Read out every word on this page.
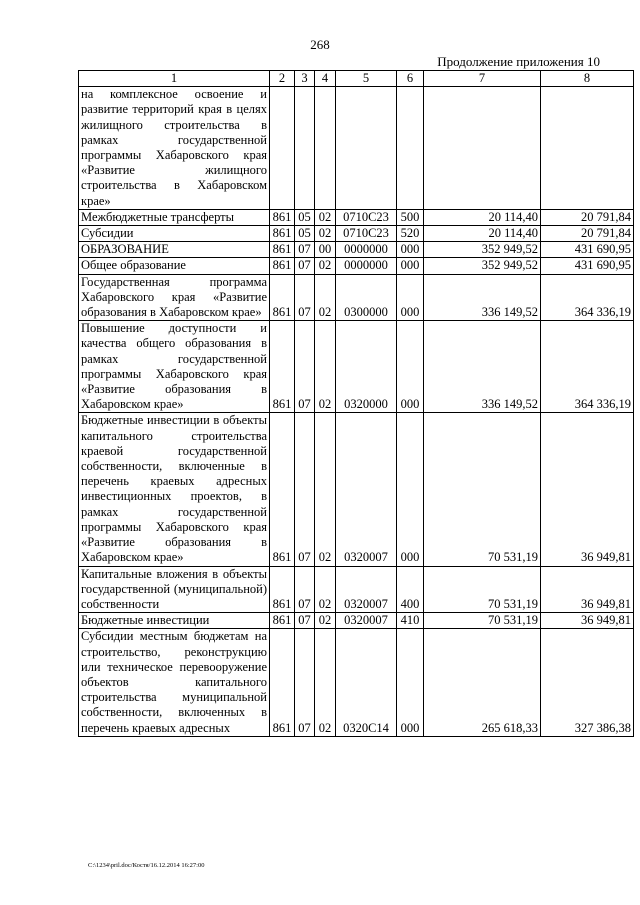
268
Продолжение приложения 10
1	2	3	4	5	6	7	8
на комплексное освоение и развитие территорий края в целях жилищного строительства в рамках государственной программы Хабаровского края «Развитие жилищного строительства в Хабаровском крае»							
Межбюджетные трансферты	861	05	02	0710С23	500	20 114,40	20 791,84
Субсидии	861	05	02	0710С23	520	20 114,40	20 791,84
ОБРАЗОВАНИЕ	861	07	00	0000000	000	352 949,52	431 690,95
Общее образование	861	07	02	0000000	000	352 949,52	431 690,95
Государственная программа Хабаровского края «Развитие образования в Хабаровском крае»	861	07	02	0300000	000	336 149,52	364 336,19
Повышение доступности и качества общего образования в рамках государственной программы Хабаровского края «Развитие образования в Хабаровском крае»	861	07	02	0320000	000	336 149,52	364 336,19
Бюджетные инвестиции в объекты капитального строительства краевой государственной собственности, включенные в перечень краевых адресных инвестиционных проектов, в рамках государственной программы Хабаровского края «Развитие образования в Хабаровском крае»	861	07	02	0320007	000	70 531,19	36 949,81
Капитальные вложения в объекты государственной (муниципальной) собственности	861	07	02	0320007	400	70 531,19	36 949,81
Бюджетные инвестиции	861	07	02	0320007	410	70 531,19	36 949,81
Субсидии местным бюджетам на строительство, реконструкцию или техническое перевооружение объектов капитального строительства муниципальной собственности, включенных в перечень краевых адресных	861	07	02	0320С14	000	265 618,33	327 386,38
C:\1234\pril.doc/Костя/16.12.2014 16:27:00
